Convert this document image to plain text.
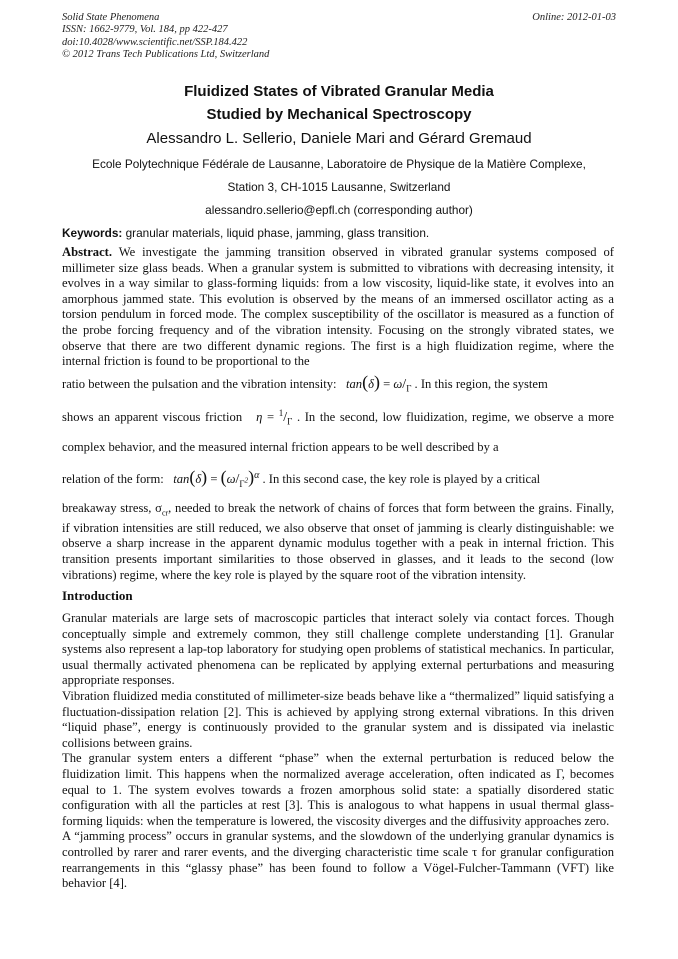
Solid State Phenomena
ISSN: 1662-9779, Vol. 184, pp 422-427
doi:10.4028/www.scientific.net/SSP.184.422
© 2012 Trans Tech Publications Ltd, Switzerland
Online: 2012-01-03
Fluidized States of Vibrated Granular Media
Studied by Mechanical Spectroscopy
Alessandro L. Sellerio, Daniele Mari and Gérard Gremaud
Ecole Polytechnique Fédérale de Lausanne, Laboratoire de Physique de la Matière Complexe,
Station 3, CH-1015 Lausanne, Switzerland
alessandro.sellerio@epfl.ch (corresponding author)
Keywords: granular materials, liquid phase, jamming, glass transition.

Abstract. We investigate the jamming transition observed in vibrated granular systems composed of millimeter size glass beads. When a granular system is submitted to vibrations with decreasing intensity, it evolves in a way similar to glass-forming liquids: from a low viscosity, liquid-like state, it evolves into an amorphous jammed state. This evolution is observed by the means of an immersed oscillator acting as a torsion pendulum in forced mode. The complex susceptibility of the oscillator is measured as a function of the probe forcing frequency and of the vibration intensity. Focusing on the strongly vibrated states, we observe that there are two different dynamic regions. The first is a high fluidization regime, where the internal friction is found to be proportional to the
ratio between the pulsation and the vibration intensity: $\tan(\delta) = \omega/_\Gamma$ . In this region, the system
shows an apparent viscous friction $\eta = ^1/_\Gamma$ . In the second, low fluidization, regime, we observe a more complex behavior, and the measured internal friction appears to be well described by a
relation of the form: $\tan(\delta) = (\omega/_{\Gamma^2})^\alpha$ . In this second case, the key role is played by a critical
breakaway stress, $\sigma_{cr}$, needed to break the network of chains of forces that form between the grains. Finally, if vibration intensities are still reduced, we also observe that onset of jamming is clearly distinguishable: we observe a sharp increase in the apparent dynamic modulus together with a peak in internal friction. This transition presents important similarities to those observed in glasses, and it leads to the second (low vibrations) regime, where the key role is played by the square root of the vibration intensity.

Introduction

Granular materials are large sets of macroscopic particles that interact solely via contact forces. Though conceptually simple and extremely common, they still challenge complete understanding [1]. Granular systems also represent a lap-top laboratory for studying open problems of statistical mechanics. In particular, usual thermally activated phenomena can be replicated by applying external perturbations and measuring appropriate responses.

Vibration fluidized media constituted of millimeter-size beads behave like a “thermalized” liquid satisfying a fluctuation-dissipation relation [2]. This is achieved by applying strong external vibrations. In this driven “liquid phase”, energy is continuously provided to the granular system and is dissipated via inelastic collisions between grains.

The granular system enters a different “phase” when the external perturbation is reduced below the fluidization limit. This happens when the normalized average acceleration, often indicated as Γ, becomes equal to 1. The system evolves towards a frozen amorphous solid state: a spatially disordered static configuration with all the particles at rest [3]. This is analogous to what happens in usual thermal glass-forming liquids: when the temperature is lowered, the viscosity diverges and the diffusivity approaches zero.

A “jamming process” occurs in granular systems, and the slowdown of the underlying granular dynamics is controlled by rarer and rarer events, and the diverging characteristic time scale τ for granular configuration rearrangements in this “glassy phase” has been found to follow a Vögel-Fulcher-Tammann (VFT) like behavior [4].
